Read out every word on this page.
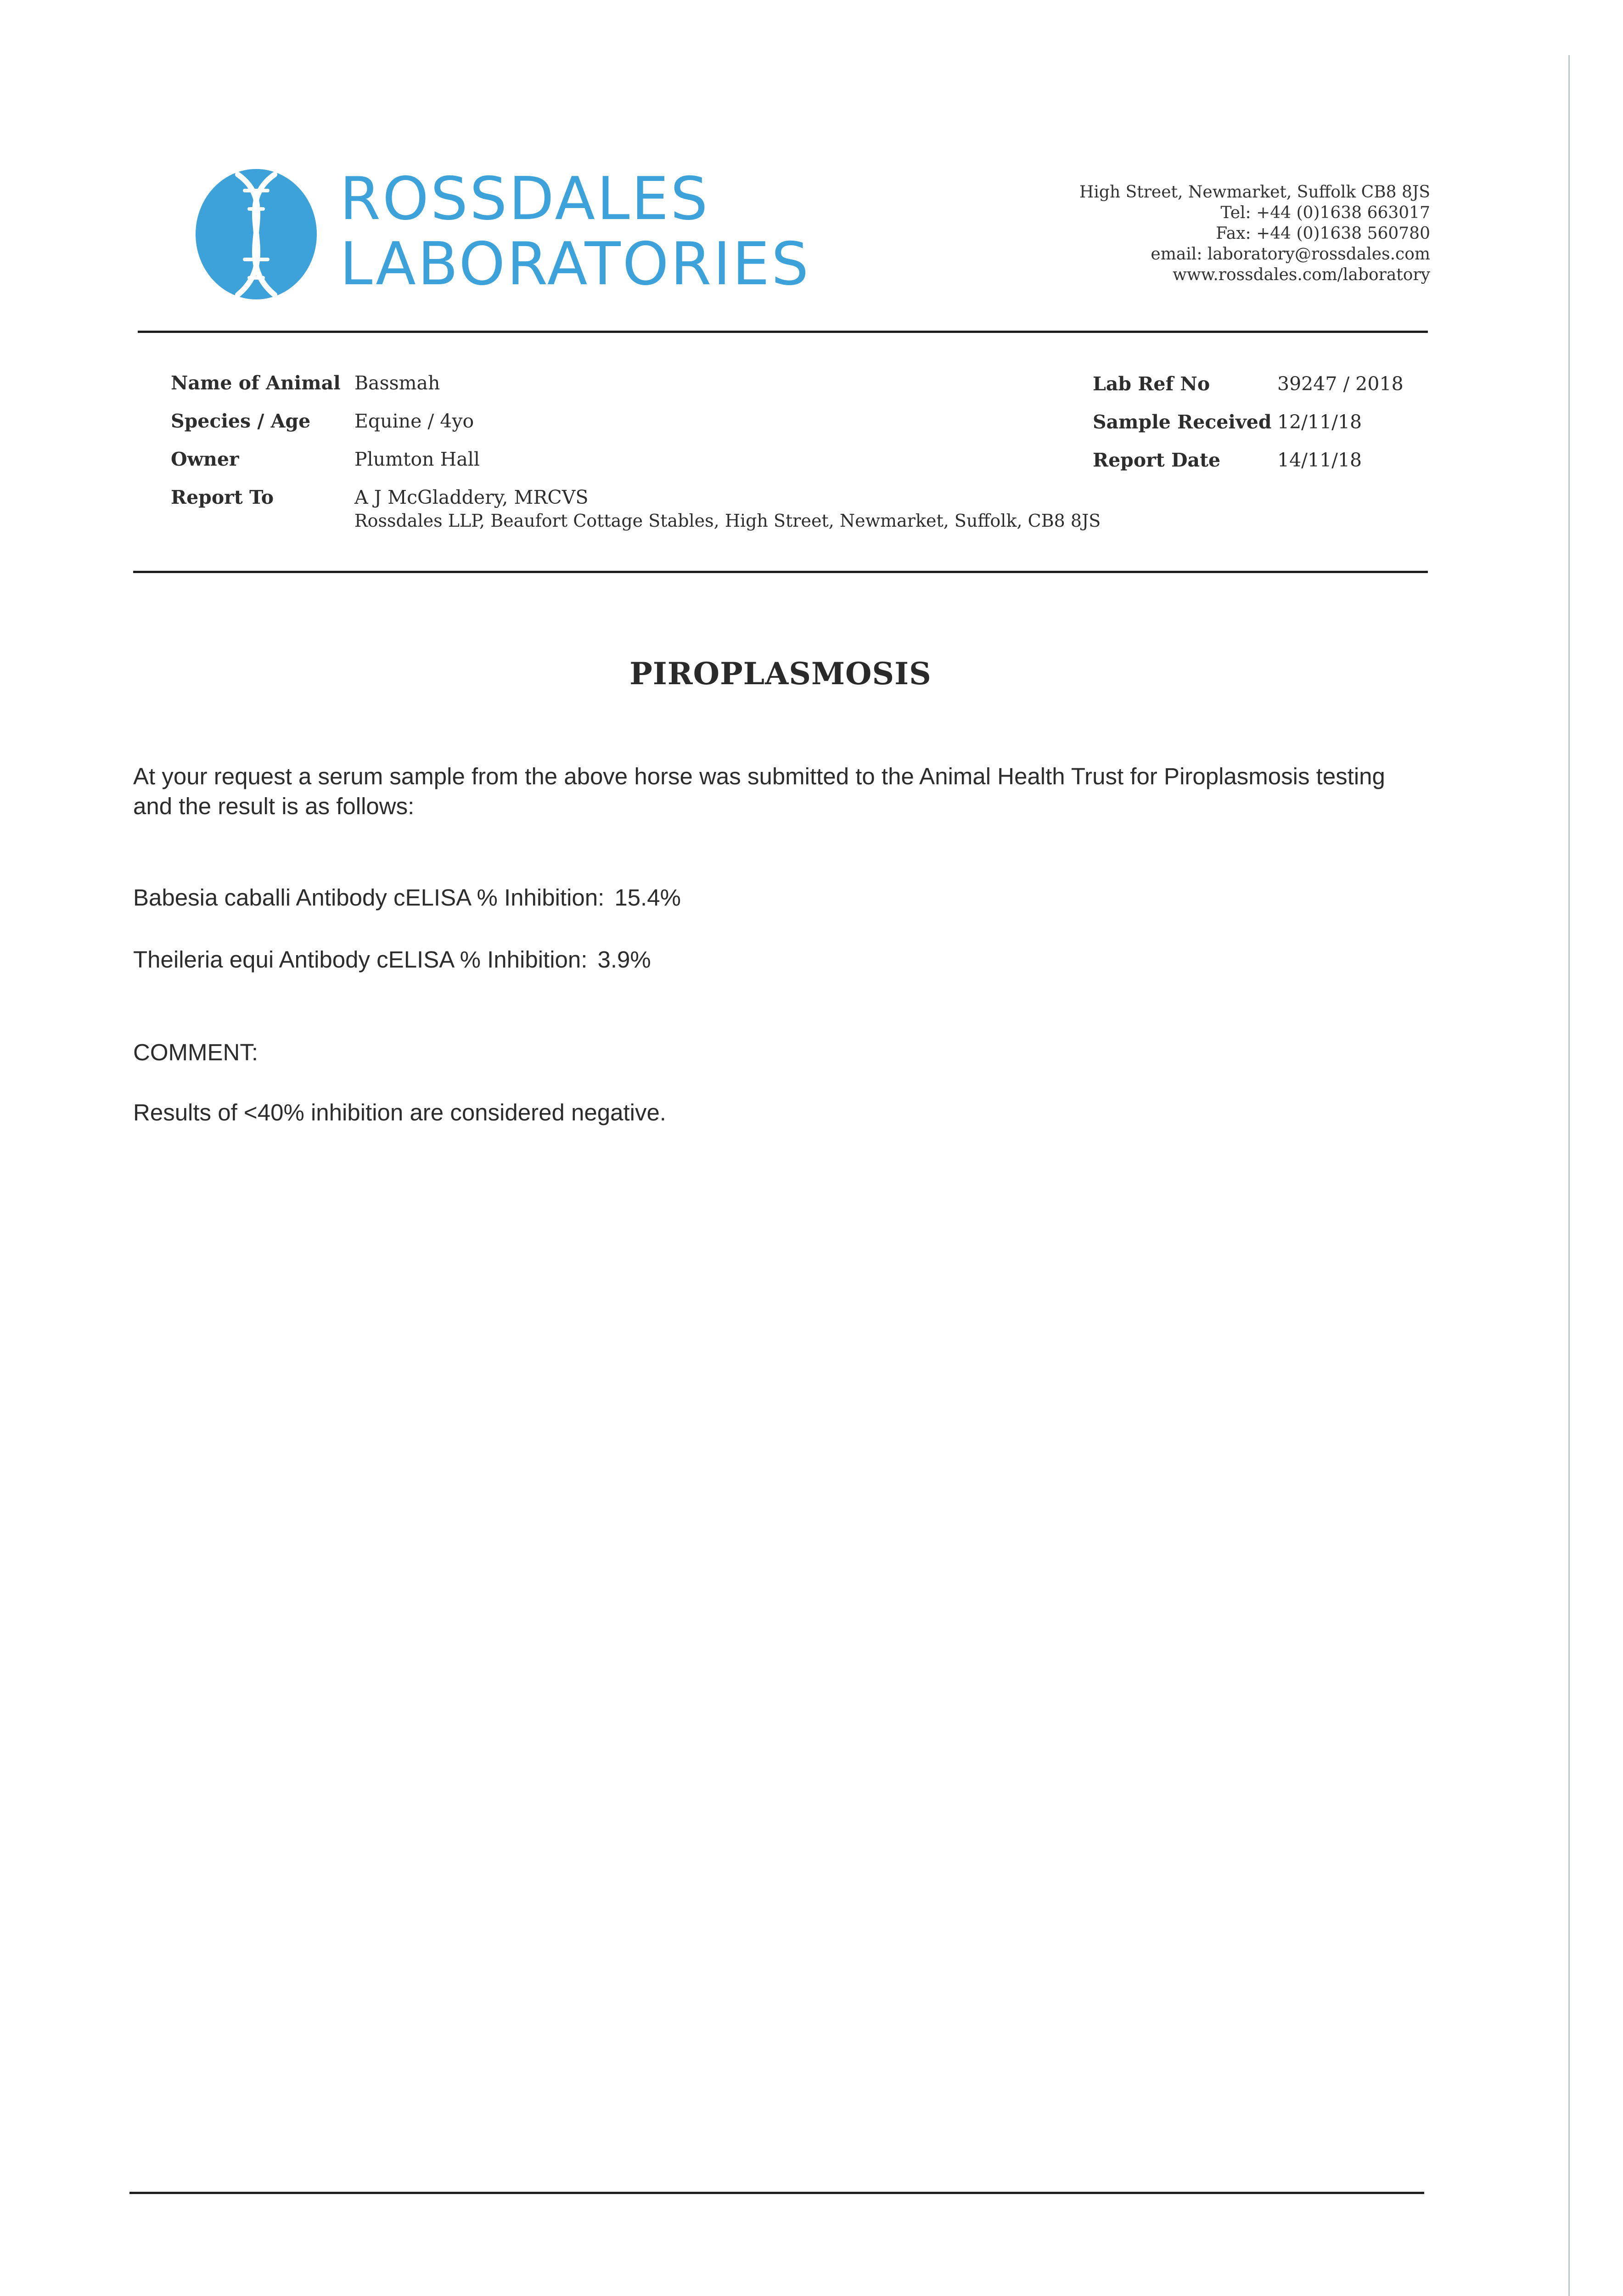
ROSSDALES
LABORATORIES
High Street, Newmarket, Suffolk CB8 8JS
Tel: +44 (0)1638 663017
Fax: +44 (0)1638 560780
email: laboratory@rossdales.com
www.rossdales.com/laboratory
Name of Animal Bassmah
Species / Age Equine / 4yo
Owner	Plumton Hall
Report To	A J McGladdery, MRCVS
Rossdales LLP, Beaufort Cottage Stables, High Street, Newmarket, Suffolk, CB8 8JS
Lab Ref No	39247 / 2018
Sample Received 12/11/18
Report Date	14/11/18
PIROPLASMOSIS
At your request a serum sample from the above horse was submitted to the Animal Health Trust for Piroplasmosis testing and the result is as follows:
Babesia caballi Antibody cELISA % Inhibition: 15.4%
Theileria equi Antibody cELISA % Inhibition: 3.9%
COMMENT:
Results of <40% inhibition are considered negative.
